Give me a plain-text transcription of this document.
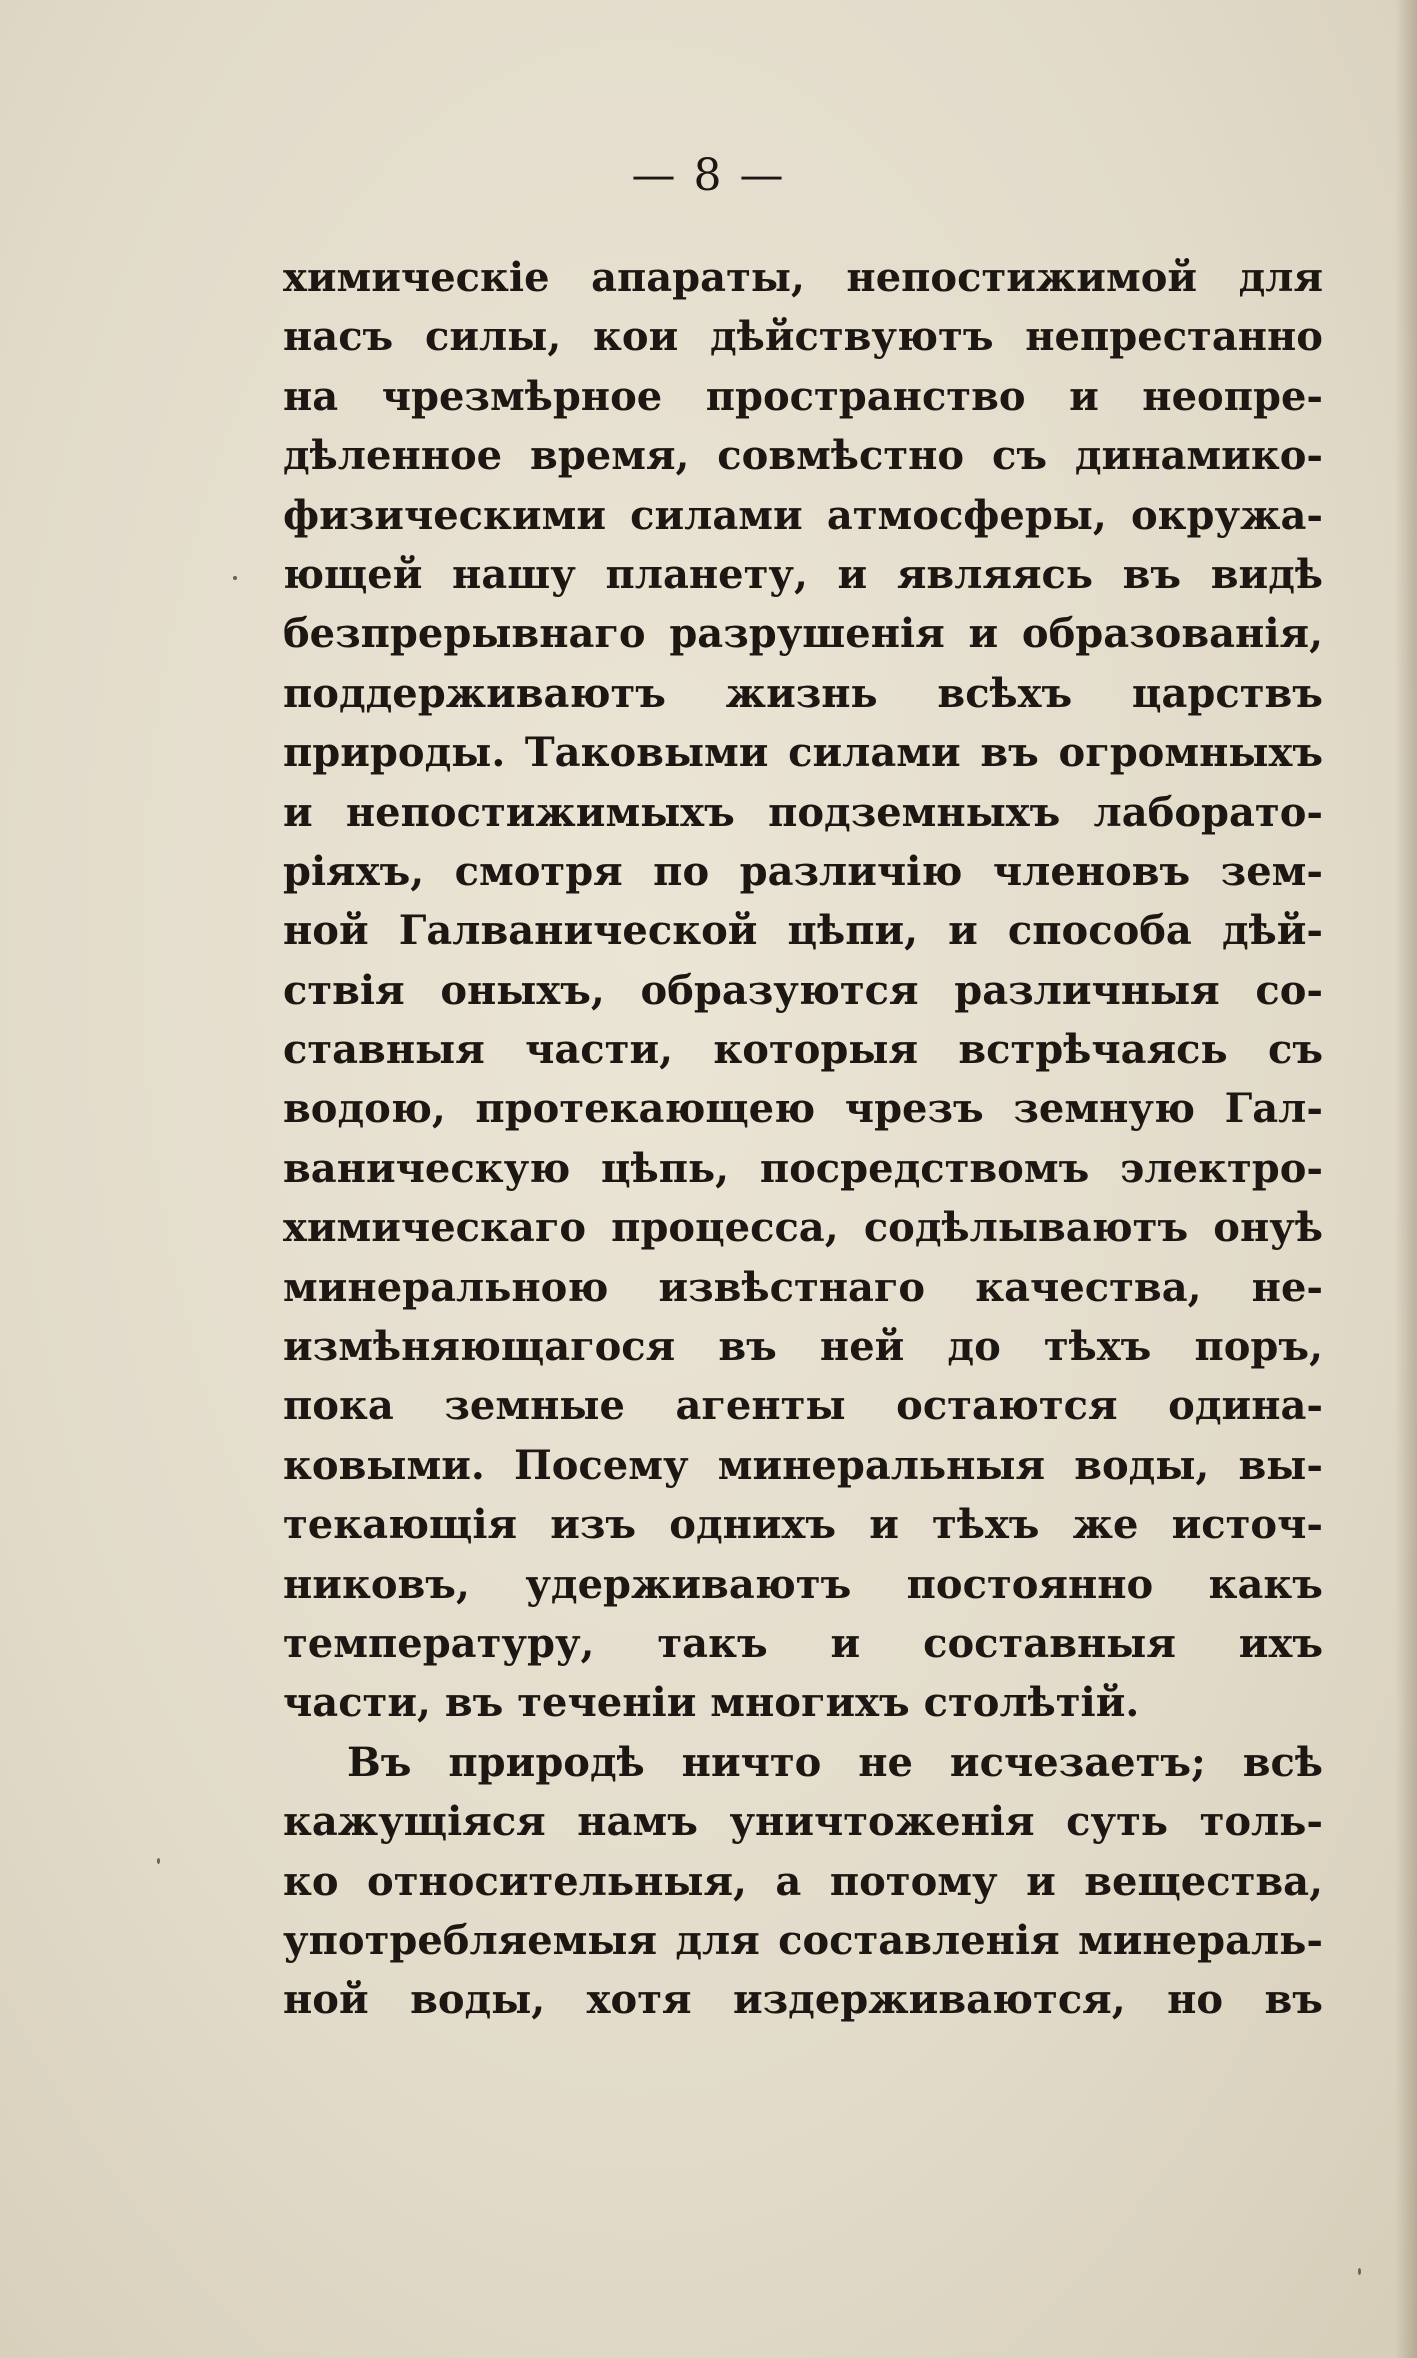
— 8 —
химическіе апараты, непостижимой для
насъ силы, кои дѣйствуютъ непрестанно
на чрезмѣрное пространство и неопре-
дѣленное время, совмѣстно съ динамико-
физическими силами атмосферы, окружа-
ющей нашу планету, и являясь въ видѣ
безпрерывнаго разрушенія и образованія,
поддерживаютъ жизнь всѣхъ царствъ
природы. Таковыми силами въ огромныхъ
и непостижимыхъ подземныхъ лаборато-
ріяхъ, смотря по различію членовъ зем-
ной Галванической цѣпи, и способа дѣй-
ствія оныхъ, образуются различныя со-
ставныя части, которыя встрѣчаясь съ
водою, протекающею чрезъ земную Гал-
ваническую цѣпь, посредствомъ электро-
химическаго процесса, содѣлываютъ онуѣ
минеральною извѣстнаго качества, не-
измѣняющагося въ ней до тѣхъ поръ,
пока земные агенты остаются одина-
ковыми. Посему минеральныя воды, вы-
текающія изъ однихъ и тѣхъ же источ-
никовъ, удерживаютъ постоянно какъ
температуру, такъ и составныя ихъ
части, въ теченіи многихъ столѣтій.
Въ природѣ ничто не исчезаетъ; всѣ
кажущіяся намъ уничтоженія суть толь-
ко относительныя, а потому и вещества,
употребляемыя для составленія минераль-
ной воды, хотя издерживаются, но въ
